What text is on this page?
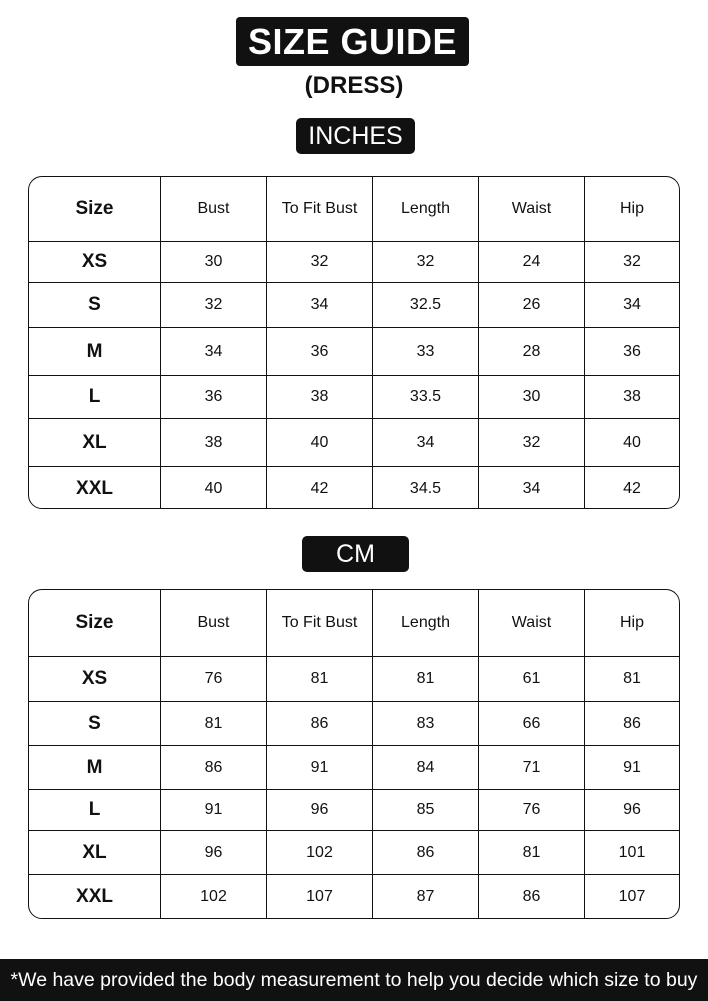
SIZE GUIDE
(DRESS)
INCHES
Size	Bust	To Fit Bust	Length	Waist	Hip
XS	30	32	32	24	32
S	32	34	32.5	26	34
M	34	36	33	28	36
L	36	38	33.5	30	38
XL	38	40	34	32	40
XXL	40	42	34.5	34	42
CM
Size	Bust	To Fit Bust	Length	Waist	Hip
XS	76	81	81	61	81
S	81	86	83	66	86
M	86	91	84	71	91
L	91	96	85	76	96
XL	96	102	86	81	101
XXL	102	107	87	86	107
*We have provided the body measurement to help you decide which size to buy
